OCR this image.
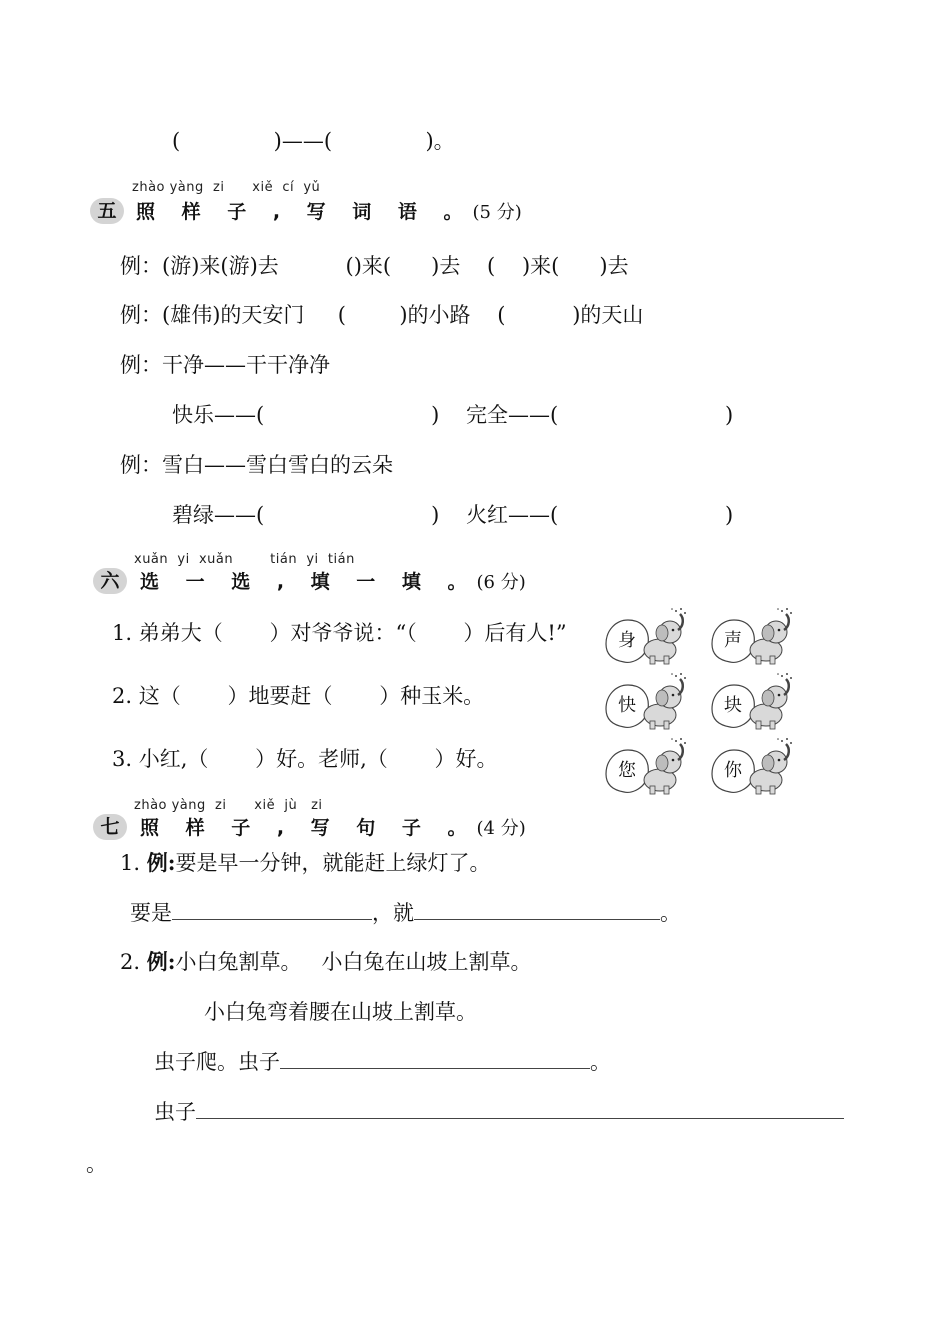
(              )——(              )。
zhào yàng  zi      xiě  cí  yǔ
五	照 样 子 , 写 词 语 。(5 分)
例：(游)来(游)去          ()来(      )去    (    )来(      )去
例：(雄伟)的天安门     (        )的小路    (          )的天山
例：干净——干干净净
快乐——(                         )    完全——(                         )
例：雪白——雪白雪白的云朵
碧绿——(                         )    火红——(                         )
xuǎn  yi  xuǎn        tián  yi  tián
六	选 一 选 , 填 一 填 。(6 分)
1. 弟弟大（       ）对爷爷说：“（       ）后有人!”
2. 这（       ）地要赶（       ）种玉米。
3. 小红,（       ）好。老师,（       ）好。
身	声
快	块
您	你
zhào yàng  zi      xiě  jù   zi
七	照 样 子 , 写 句 子 。(4 分)
1. 例:要是早一分钟，就能赶上绿灯了。
要是	，就	。
2. 例:小白兔割草。   小白兔在山坡上割草。
小白兔弯着腰在山坡上割草。
虫子爬。虫子	。
虫子
。
